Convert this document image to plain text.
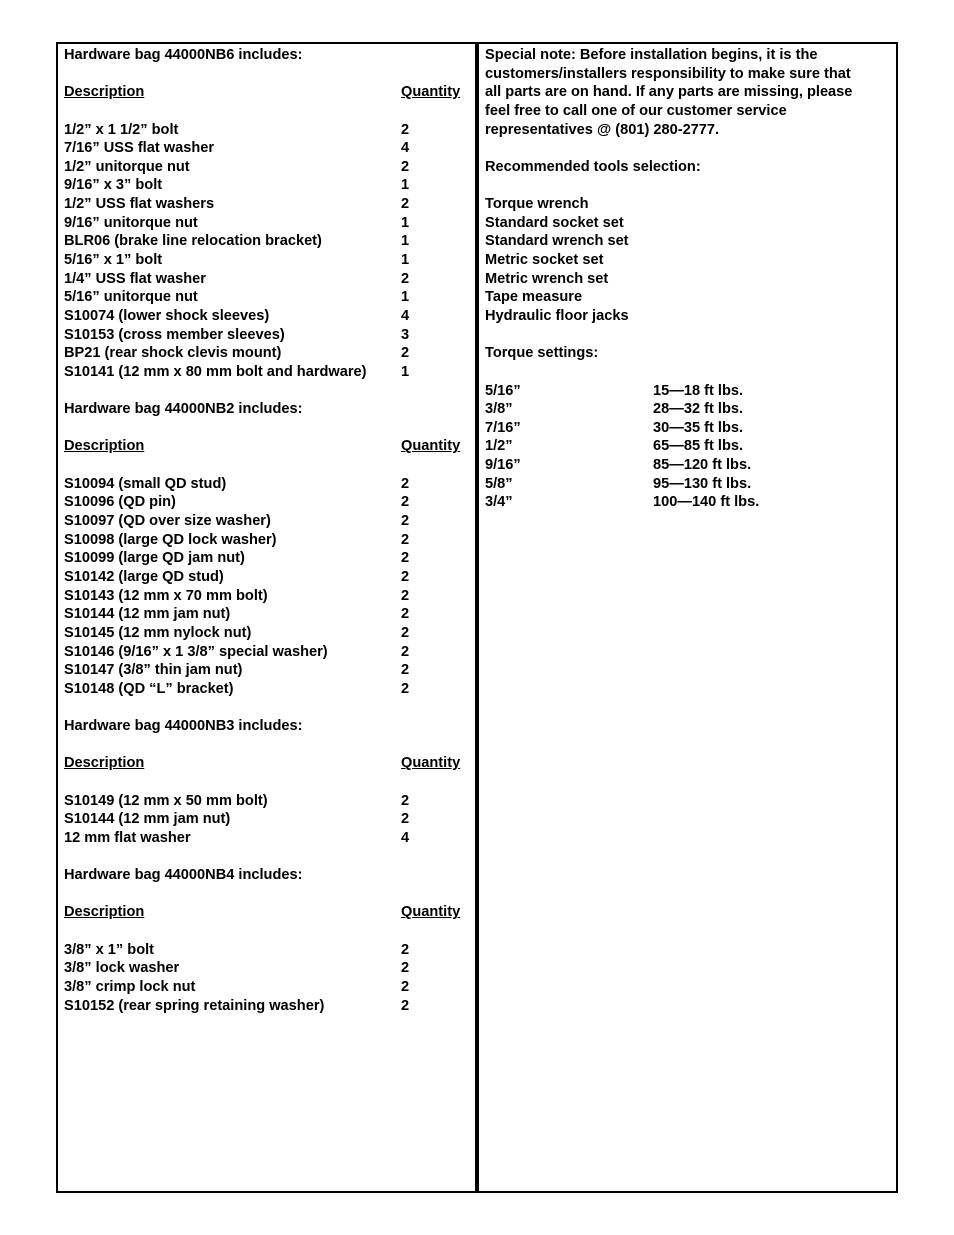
Hardware bag 44000NB6 includes:
Description	Quantity
1/2” x 1 1/2” bolt	2
7/16” USS flat washer	4
1/2” unitorque nut	2
9/16” x 3” bolt	1
1/2” USS flat washers	2
9/16” unitorque nut	1
BLR06 (brake line relocation bracket)	1
5/16” x 1” bolt	1
1/4” USS flat washer	2
5/16” unitorque nut	1
S10074 (lower shock sleeves)	4
S10153 (cross member sleeves)	3
BP21 (rear shock clevis mount)	2
S10141 (12 mm x 80 mm bolt and hardware) 1
Hardware bag 44000NB2 includes:
Description	Quantity
S10094 (small QD stud)	2
S10096 (QD pin)	2
S10097 (QD over size washer)	2
S10098 (large QD lock washer)	2
S10099 (large QD jam nut)	2
S10142 (large QD stud)	2
S10143 (12 mm x 70 mm bolt)	2
S10144 (12 mm jam nut)	2
S10145 (12 mm nylock nut)	2
S10146 (9/16” x 1 3/8” special washer)	2
S10147 (3/8” thin jam nut)	2
S10148 (QD “L” bracket)	2
Hardware bag 44000NB3 includes:
Description	Quantity
S10149 (12 mm x 50 mm bolt)	2
S10144 (12 mm jam nut)	2
12 mm flat washer	4
Hardware bag 44000NB4 includes:
Description	Quantity
3/8” x 1” bolt	2
3/8” lock washer	2
3/8” crimp lock nut	2
S10152 (rear spring retaining washer)	2
Special note: Before installation begins, it is the
customers/installers responsibility to make sure that
all parts are on hand. If any parts are missing, please
feel free to call one of our customer service
representatives @ (801) 280-2777.
Recommended tools selection:
Torque wrench
Standard socket set
Standard wrench set
Metric socket set
Metric wrench set
Tape measure
Hydraulic floor jacks
Torque settings:
5/16”	15—18 ft lbs.
3/8”	28—32 ft lbs.
7/16”	30—35 ft lbs.
1/2”	65—85 ft lbs.
9/16”	85—120 ft lbs.
5/8”	95—130 ft lbs.
3/4”	100—140 ft lbs.
